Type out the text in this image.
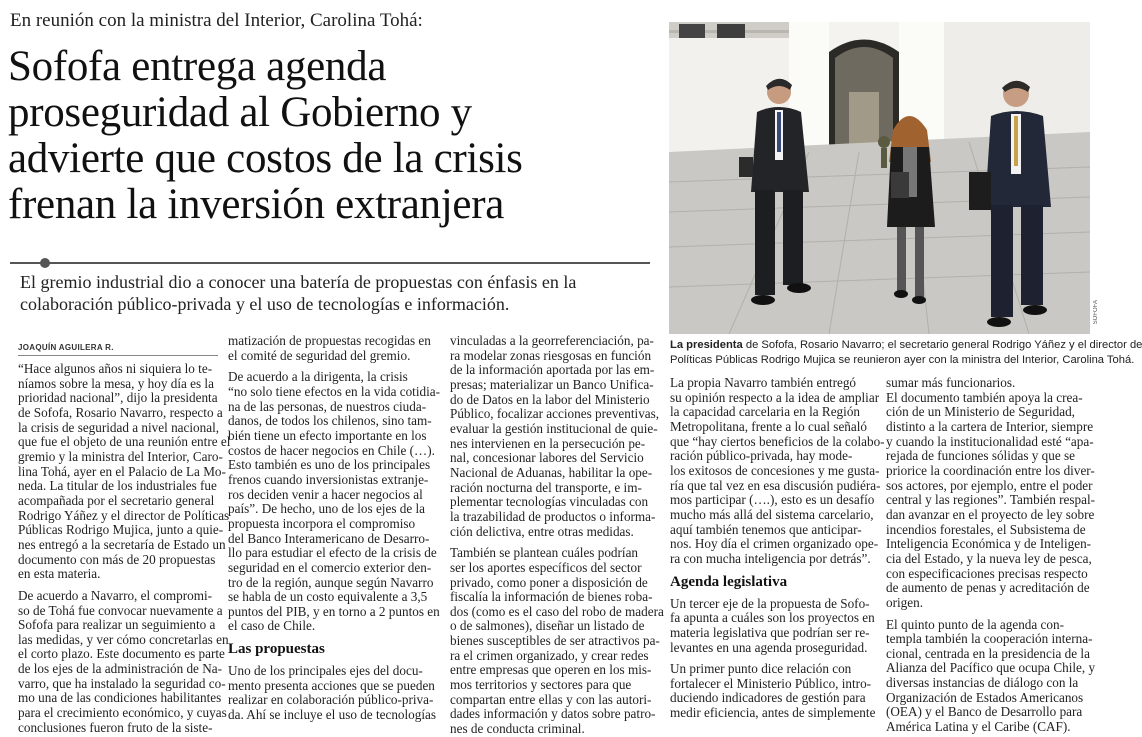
En reunión con la ministra del Interior, Carolina Tohá:
Sofofa entrega agenda
proseguridad al Gobierno y
advierte que costos de la crisis
frenan la inversión extranjera
El gremio industrial dio a conocer una batería de propuestas con énfasis en la
colaboración público-privada y el uso de tecnologías e información.	SOFOFA
La presidenta de Sofofa, Rosario Navarro; el secretario general Rodrigo Yáñez y el director de
Políticas Públicas Rodrigo Mujica se reunieron ayer con la ministra del Interior, Carolina Tohá.
JOAQUÍN AGUILERA R.
“Hace algunos años ni siquiera lo te-
níamos sobre la mesa, y hoy día es la
prioridad nacional”, dijo la presidenta
de Sofofa, Rosario Navarro, respecto a
la crisis de seguridad a nivel nacional,
que fue el objeto de una reunión entre el
gremio y la ministra del Interior, Caro-
lina Tohá, ayer en el Palacio de La Mo-
neda. La titular de los industriales fue
acompañada por el secretario general
Rodrigo Yáñez y el director de Políticas
Públicas Rodrigo Mujica, junto a quie-
nes entregó a la secretaría de Estado un
documento con más de 20 propuestas
en esta materia.
De acuerdo a Navarro, el compromi-
so de Tohá fue convocar nuevamente a
Sofofa para realizar un seguimiento a
las medidas, y ver cómo concretarlas en
el corto plazo. Este documento es parte
de los ejes de la administración de Na-
varro, que ha instalado la seguridad co-
mo una de las condiciones habilitantes
para el crecimiento económico, y cuyas
conclusiones fueron fruto de la siste-
matización de propuestas recogidas en
el comité de seguridad del gremio.
De acuerdo a la dirigenta, la crisis
“no solo tiene efectos en la vida cotidia-
na de las personas, de nuestros ciuda-
danos, de todos los chilenos, sino tam-
bién tiene un efecto importante en los
costos de hacer negocios en Chile (…).
Esto también es uno de los principales
frenos cuando inversionistas extranje-
ros deciden venir a hacer negocios al
país”. De hecho, uno de los ejes de la
propuesta incorpora el compromiso
del Banco Interamericano de Desarro-
llo para estudiar el efecto de la crisis de
seguridad en el comercio exterior den-
tro de la región, aunque según Navarro
se habla de un costo equivalente a 3,5
puntos del PIB, y en torno a 2 puntos en
el caso de Chile.
Las propuestas
Uno de los principales ejes del docu-
mento presenta acciones que se pueden
realizar en colaboración público-priva-
da. Ahí se incluye el uso de tecnologías
vinculadas a la georreferenciación, pa-
ra modelar zonas riesgosas en función
de la información aportada por las em-
presas; materializar un Banco Unifica-
do de Datos en la labor del Ministerio
Público, focalizar acciones preventivas,
evaluar la gestión institucional de quie-
nes intervienen en la persecución pe-
nal, concesionar labores del Servicio
Nacional de Aduanas, habilitar la ope-
ración nocturna del transporte, e im-
plementar tecnologías vinculadas con
la trazabilidad de productos o informa-
ción delictiva, entre otras medidas.
También se plantean cuáles podrían
ser los aportes específicos del sector
privado, como poner a disposición de
fiscalía la información de bienes roba-
dos (como es el caso del robo de madera
o de salmones), diseñar un listado de
bienes susceptibles de ser atractivos pa-
ra el crimen organizado, y crear redes
entre empresas que operen en los mis-
mos territorios y sectores para que
compartan entre ellas y con las autori-
dades información y datos sobre patro-
nes de conducta criminal.
La propia Navarro también entregó
su opinión respecto a la idea de ampliar
la capacidad carcelaria en la Región
Metropolitana, frente a lo cual señaló
que “hay ciertos beneficios de la colabo-
ración público-privada, hay mode-
los exitosos de concesiones y me gusta-
ría que tal vez en esa discusión pudiéra-
mos participar (….), esto es un desafío
mucho más allá del sistema carcelario,
aquí también tenemos que anticipar-
nos. Hoy día el crimen organizado ope-
ra con mucha inteligencia por detrás”.
Agenda legislativa
Un tercer eje de la propuesta de Sofo-
fa apunta a cuáles son los proyectos en
materia legislativa que podrían ser re-
levantes en una agenda proseguridad.
Un primer punto dice relación con
fortalecer el Ministerio Público, intro-
duciendo indicadores de gestión para
medir eficiencia, antes de simplemente
sumar más funcionarios.
El documento también apoya la crea-
ción de un Ministerio de Seguridad,
distinto a la cartera de Interior, siempre
y cuando la institucionalidad esté “apa-
rejada de funciones sólidas y que se
priorice la coordinación entre los diver-
sos actores, por ejemplo, entre el poder
central y las regiones”. También respal-
dan avanzar en el proyecto de ley sobre
incendios forestales, el Subsistema de
Inteligencia Económica y de Inteligen-
cia del Estado, y la nueva ley de pesca,
con especificaciones precisas respecto
de aumento de penas y acreditación de
origen.
El quinto punto de la agenda con-
templa también la cooperación interna-
cional, centrada en la presidencia de la
Alianza del Pacífico que ocupa Chile, y
diversas instancias de diálogo con la
Organización de Estados Americanos
(OEA) y el Banco de Desarrollo para
América Latina y el Caribe (CAF).
